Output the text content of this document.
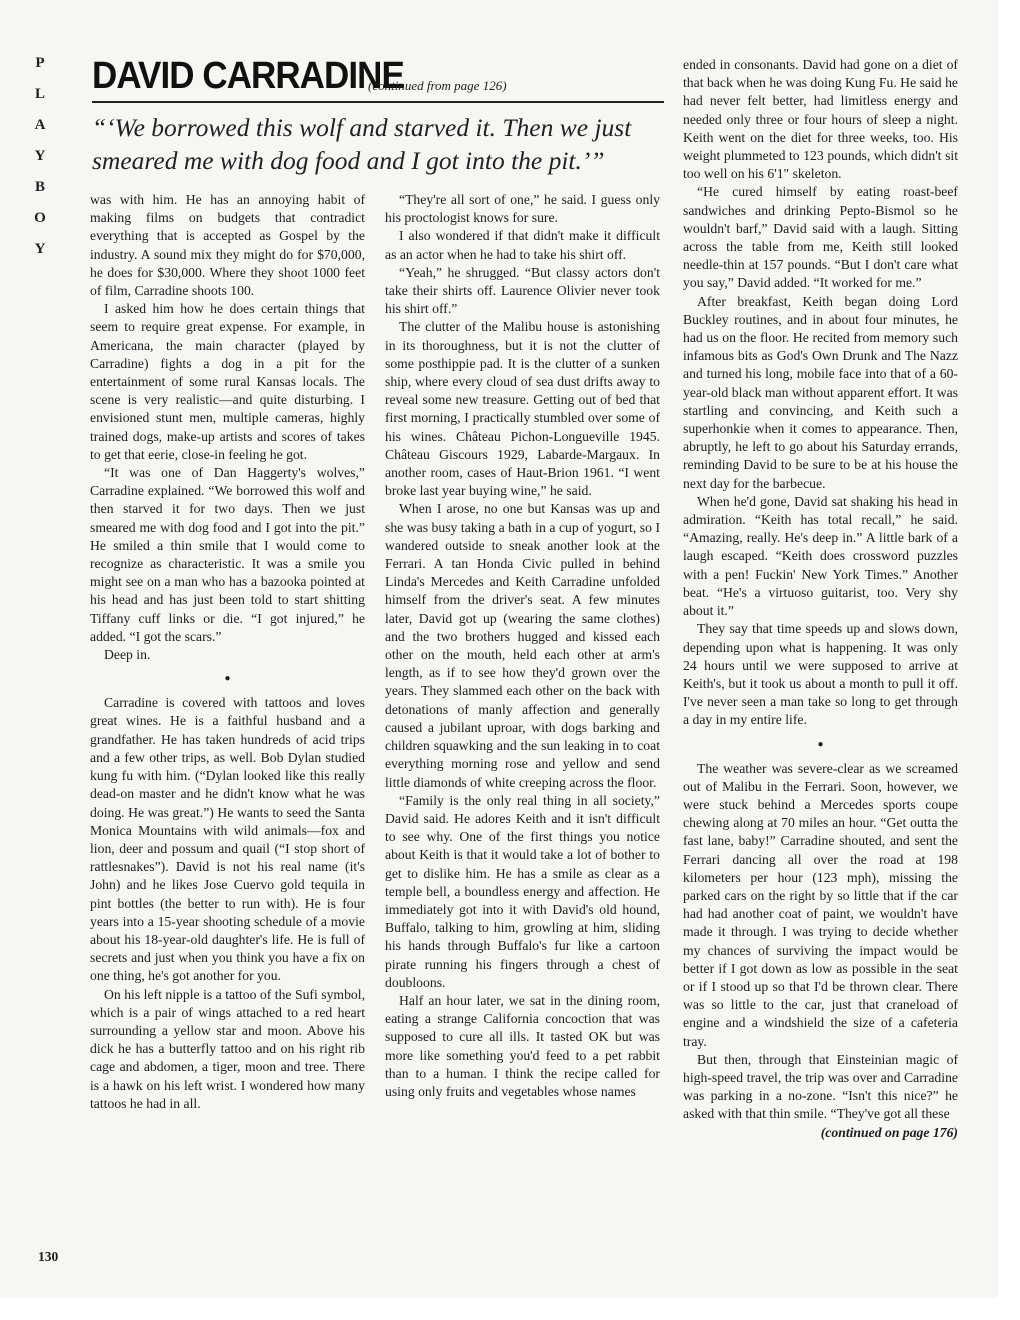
P
L
A
Y
B
O
Y
DAVID CARRADINE
(continued from page 126)
“‘We borrowed this wolf and starved it. Then we just smeared me with dog food and I got into the pit.’”

was with him. He has an annoying habit of making films on budgets that contradict everything that is accepted as Gospel by the industry. A sound mix they might do for $70,000, he does for $30,000. Where they shoot 1000 feet of film, Carradine shoots 100.

I asked him how he does certain things that seem to require great expense. For example, in Americana, the main character (played by Carradine) fights a dog in a pit for the entertainment of some rural Kansas locals. The scene is very realistic—and quite disturbing. I envisioned stunt men, multiple cameras, highly trained dogs, make-up artists and scores of takes to get that eerie, close-in feeling he got.

“It was one of Dan Haggerty's wolves,” Carradine explained. “We borrowed this wolf and then starved it for two days. Then we just smeared me with dog food and I got into the pit.” He smiled a thin smile that I would come to recognize as characteristic. It was a smile you might see on a man who has a bazooka pointed at his head and has just been told to start shitting Tiffany cuff links or die. “I got injured,” he added. “I got the scars.”

Deep in.

●

Carradine is covered with tattoos and loves great wines. He is a faithful husband and a grandfather. He has taken hundreds of acid trips and a few other trips, as well. Bob Dylan studied kung fu with him. (“Dylan looked like this really dead-on master and he didn't know what he was doing. He was great.”) He wants to seed the Santa Monica Mountains with wild animals—fox and lion, deer and possum and quail (“I stop short of rattlesnakes”). David is not his real name (it's John) and he likes Jose Cuervo gold tequila in pint bottles (the better to run with). He is four years into a 15-year shooting schedule of a movie about his 18-year-old daughter's life. He is full of secrets and just when you think you have a fix on one thing, he's got another for you.

On his left nipple is a tattoo of the Sufi symbol, which is a pair of wings attached to a red heart surrounding a yellow star and moon. Above his dick he has a butterfly tattoo and on his right rib cage and abdomen, a tiger, moon and tree. There is a hawk on his left wrist. I wondered how many tattoos he had in all.

“They're all sort of one,” he said. I guess only his proctologist knows for sure.

I also wondered if that didn't make it difficult as an actor when he had to take his shirt off.

“Yeah,” he shrugged. “But classy actors don't take their shirts off. Laurence Olivier never took his shirt off.”

The clutter of the Malibu house is astonishing in its thoroughness, but it is not the clutter of some posthippie pad. It is the clutter of a sunken ship, where every cloud of sea dust drifts away to reveal some new treasure. Getting out of bed that first morning, I practically stumbled over some of his wines. Château Pichon-Longueville 1945. Château Giscours 1929, Labarde-Margaux. In another room, cases of Haut-Brion 1961. “I went broke last year buying wine,” he said.

When I arose, no one but Kansas was up and she was busy taking a bath in a cup of yogurt, so I wandered outside to sneak another look at the Ferrari. A tan Honda Civic pulled in behind Linda's Mercedes and Keith Carradine unfolded himself from the driver's seat. A few minutes later, David got up (wearing the same clothes) and the two brothers hugged and kissed each other on the mouth, held each other at arm's length, as if to see how they'd grown over the years. They slammed each other on the back with detonations of manly affection and generally caused a jubilant uproar, with dogs barking and children squawking and the sun leaking in to coat everything morning rose and yellow and send little diamonds of white creeping across the floor.

“Family is the only real thing in all society,” David said. He adores Keith and it isn't difficult to see why. One of the first things you notice about Keith is that it would take a lot of bother to get to dislike him. He has a smile as clear as a temple bell, a boundless energy and affection. He immediately got into it with David's old hound, Buffalo, talking to him, growling at him, sliding his hands through Buffalo's fur like a cartoon pirate running his fingers through a chest of doubloons.

Half an hour later, we sat in the dining room, eating a strange California concoction that was supposed to cure all ills. It tasted OK but was more like something you'd feed to a pet rabbit than to a human. I think the recipe called for using only fruits and vegetables whose names

ended in consonants. David had gone on a diet of that back when he was doing Kung Fu. He said he had never felt better, had limitless energy and needed only three or four hours of sleep a night. Keith went on the diet for three weeks, too. His weight plummeted to 123 pounds, which didn't sit too well on his 6'1" skeleton.

“He cured himself by eating roast-beef sandwiches and drinking Pepto-Bismol so he wouldn't barf,” David said with a laugh. Sitting across the table from me, Keith still looked needle-thin at 157 pounds. “But I don't care what you say,” David added. “It worked for me.”

After breakfast, Keith began doing Lord Buckley routines, and in about four minutes, he had us on the floor. He recited from memory such infamous bits as God's Own Drunk and The Nazz and turned his long, mobile face into that of a 60-year-old black man without apparent effort. It was startling and convincing, and Keith such a superhonkie when it comes to appearance. Then, abruptly, he left to go about his Saturday errands, reminding David to be sure to be at his house the next day for the barbecue.

When he'd gone, David sat shaking his head in admiration. “Keith has total recall,” he said. “Amazing, really. He's deep in.” A little bark of a laugh escaped. “Keith does crossword puzzles with a pen! Fuckin' New York Times.” Another beat. “He's a virtuoso guitarist, too. Very shy about it.”

They say that time speeds up and slows down, depending upon what is happening. It was only 24 hours until we were supposed to arrive at Keith's, but it took us about a month to pull it off. I've never seen a man take so long to get through a day in my entire life.

●

The weather was severe-clear as we screamed out of Malibu in the Ferrari. Soon, however, we were stuck behind a Mercedes sports coupe chewing along at 70 miles an hour. “Get outta the fast lane, baby!” Carradine shouted, and sent the Ferrari dancing all over the road at 198 kilometers per hour (123 mph), missing the parked cars on the right by so little that if the car had had another coat of paint, we wouldn't have made it through. I was trying to decide whether my chances of surviving the impact would be better if I got down as low as possible in the seat or if I stood up so that I'd be thrown clear. There was so little to the car, just that craneload of engine and a windshield the size of a cafeteria tray.

But then, through that Einsteinian magic of high-speed travel, the trip was over and Carradine was parking in a no-zone. “Isn't this nice?” he asked with that thin smile. “They've got all these

(continued on page 176)
130
